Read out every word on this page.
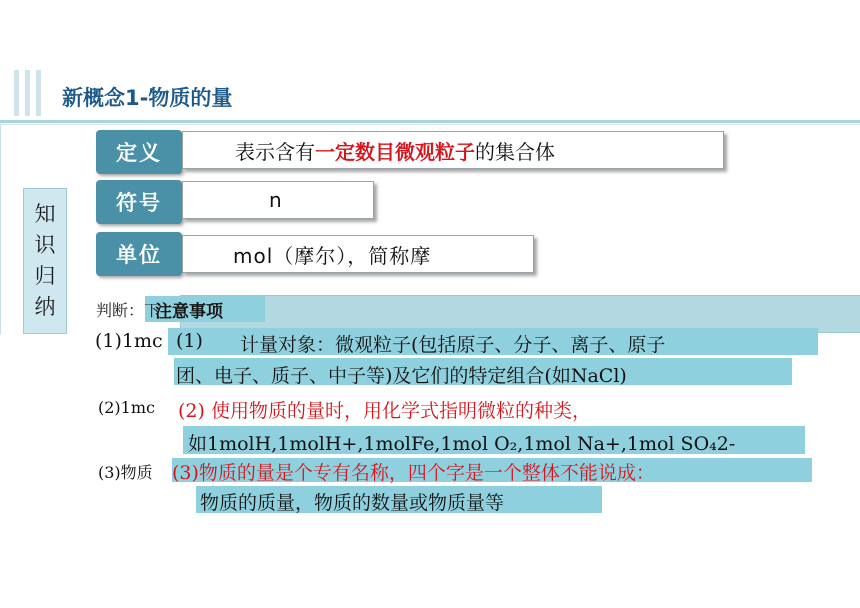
新概念1-物质的量
定义	表示含有 一定数目微观粒子 的集合体
符号	n
单位	mol（摩尔），简称摩
知
识
归
纳	判断：下
注意事项
(1)1mc (1) 计量对象：微观粒子(包括原子、分子、离子、原子
团、电子、质子、中子等)及它们的特定组合(如NaCl)
(2)1mc (2) 使用物质的量时，用化学式指明微粒的种类，
如1molH,1molH+,1molFe,1mol O₂,1mol Na+,1mol SO₄2-
(3)物质 (3)物质的量是个专有名称，四个字是一个整体不能说成：
物质的质量，物质的数量或物质量等
